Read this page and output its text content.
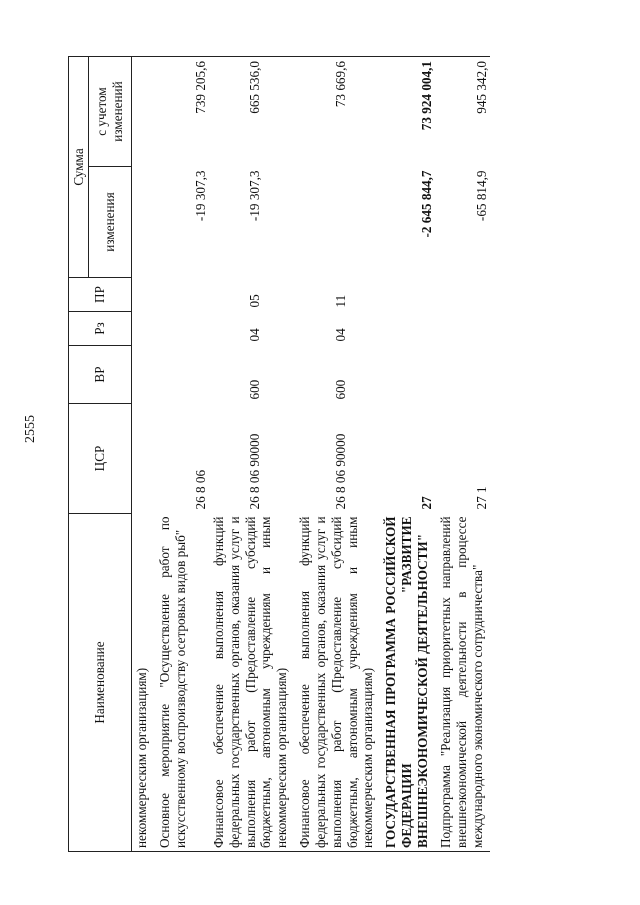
2555
Наименование	ЦСР	ВР	Рз	ПР	Сумма	
					изменения	с учетом изменений
некоммерческим организациям)						
Основное мероприятие "Осуществление работ по искусственному воспроизводству осетровых видов рыб"	26 8 06				-19 307,3	739 205,6
Финансовое обеспечение выполнения функций федеральных государственных органов, оказания услуг и выполнения работ (Предоставление субсидий бюджетным, автономным учреждениям и иным некоммерческим организациям)	26 8 06 90000	600	04	05	-19 307,3	665 536,0
Финансовое обеспечение выполнения функций федеральных государственных органов, оказания услуг и выполнения работ (Предоставление субсидий бюджетным, автономным учреждениям и иным некоммерческим организациям)	26 8 06 90000	600	04	11		73 669,6
ГОСУДАРСТВЕННАЯ ПРОГРАММА РОССИЙСКОЙ ФЕДЕРАЦИИ "РАЗВИТИЕ ВНЕШНЕЭКОНОМИЧЕСКОЙ ДЕЯТЕЛЬНОСТИ"	27				-2 645 844,7	73 924 004,1
Подпрограмма "Реализация приоритетных направлений внешнеэкономической деятельности в процессе международного экономического сотрудничества"	27 1				-65 814,9	945 342,0
